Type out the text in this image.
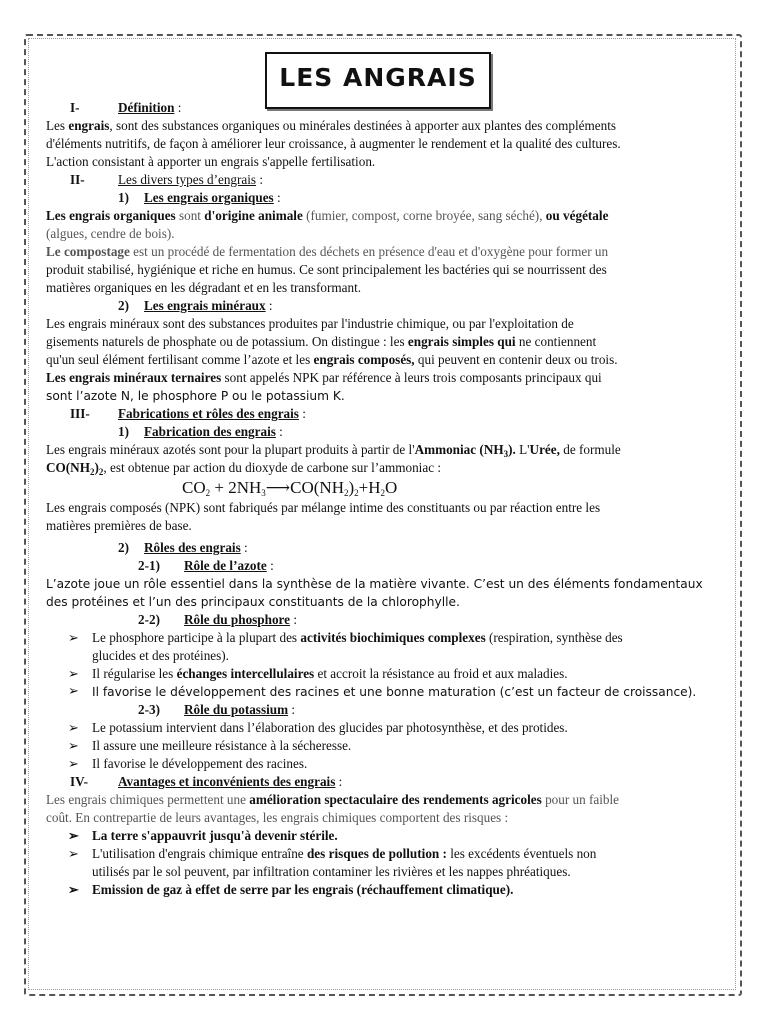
LES ANGRAIS
I-	Définition :
Les engrais, sont des substances organiques ou minérales destinées à apporter aux plantes des compléments
d'éléments nutritifs, de façon à améliorer leur croissance, à augmenter le rendement et la qualité des cultures.
L'action consistant à apporter un engrais s'appelle fertilisation.
II-	Les divers types d’engrais :
1) Les engrais organiques :
Les engrais organiques sont d'origine animale (fumier, compost, corne broyée, sang séché), ou végétale
(algues, cendre de bois).
Le compostage est un procédé de fermentation des déchets en présence d'eau et d'oxygène pour former un
produit stabilisé, hygiénique et riche en humus. Ce sont principalement les bactéries qui se nourrissent des
matières organiques en les dégradant et en les transformant.
2) Les engrais minéraux :
Les engrais minéraux sont des substances produites par l'industrie chimique, ou par l'exploitation de
gisements naturels de phosphate ou de potassium. On distingue : les engrais simples qui ne contiennent
qu'un seul élément fertilisant comme l’azote et les engrais composés, qui peuvent en contenir deux ou trois.
Les engrais minéraux ternaires sont appelés NPK par référence à leurs trois composants principaux qui
sont l’azote N, le phosphore P ou le potassium K.
III- Fabrications et rôles des engrais :
1) Fabrication des engrais :
Les engrais minéraux azotés sont pour la plupart produits à partir de l'Ammoniac $(NH_3)$. L'Urée, de formule
$CO(NH_2)_2$, est obtenue par action du dioxyde de carbone sur l’ammoniac :
$CO_2$ + $2NH_3⟶CO(NH_2)_2+H_2O$
Les engrais composés (NPK) sont fabriqués par mélange intime des constituants ou par réaction entre les
matières premières de base.
2) Rôles des engrais :
2-1) Rôle de l’azote :
L’azote joue un rôle essentiel dans la synthèse de la matière vivante. C’est un des éléments fondamentaux
des protéines et l’un des principaux constituants de la chlorophylle.
2-2) Rôle du phosphore :
➢ Le phosphore participe à la plupart des activités biochimiques complexes (respiration, synthèse des
glucides et des protéines).
➢ Il régularise les échanges intercellulaires et accroit la résistance au froid et aux maladies.
➢ Il favorise le développement des racines et une bonne maturation (c’est un facteur de croissance).
2-3) Rôle du potassium :
➢ Le potassium intervient dans l’élaboration des glucides par photosynthèse, et des protides.
➢ Il assure une meilleure résistance à la sécheresse.
➢ Il favorise le développement des racines.
IV- Avantages et inconvénients des engrais :
Les engrais chimiques permettent une amélioration spectaculaire des rendements agricoles pour un faible
coût. En contrepartie de leurs avantages, les engrais chimiques comportent des risques :
➢ La terre s'appauvrit jusqu'à devenir stérile.
➢ L'utilisation d'engrais chimique entraîne des risques de pollution : les excédents éventuels non
utilisés par le sol peuvent, par infiltration contaminer les rivières et les nappes phréatiques.
➢ Emission de gaz à effet de serre par les engrais (réchauffement climatique).
